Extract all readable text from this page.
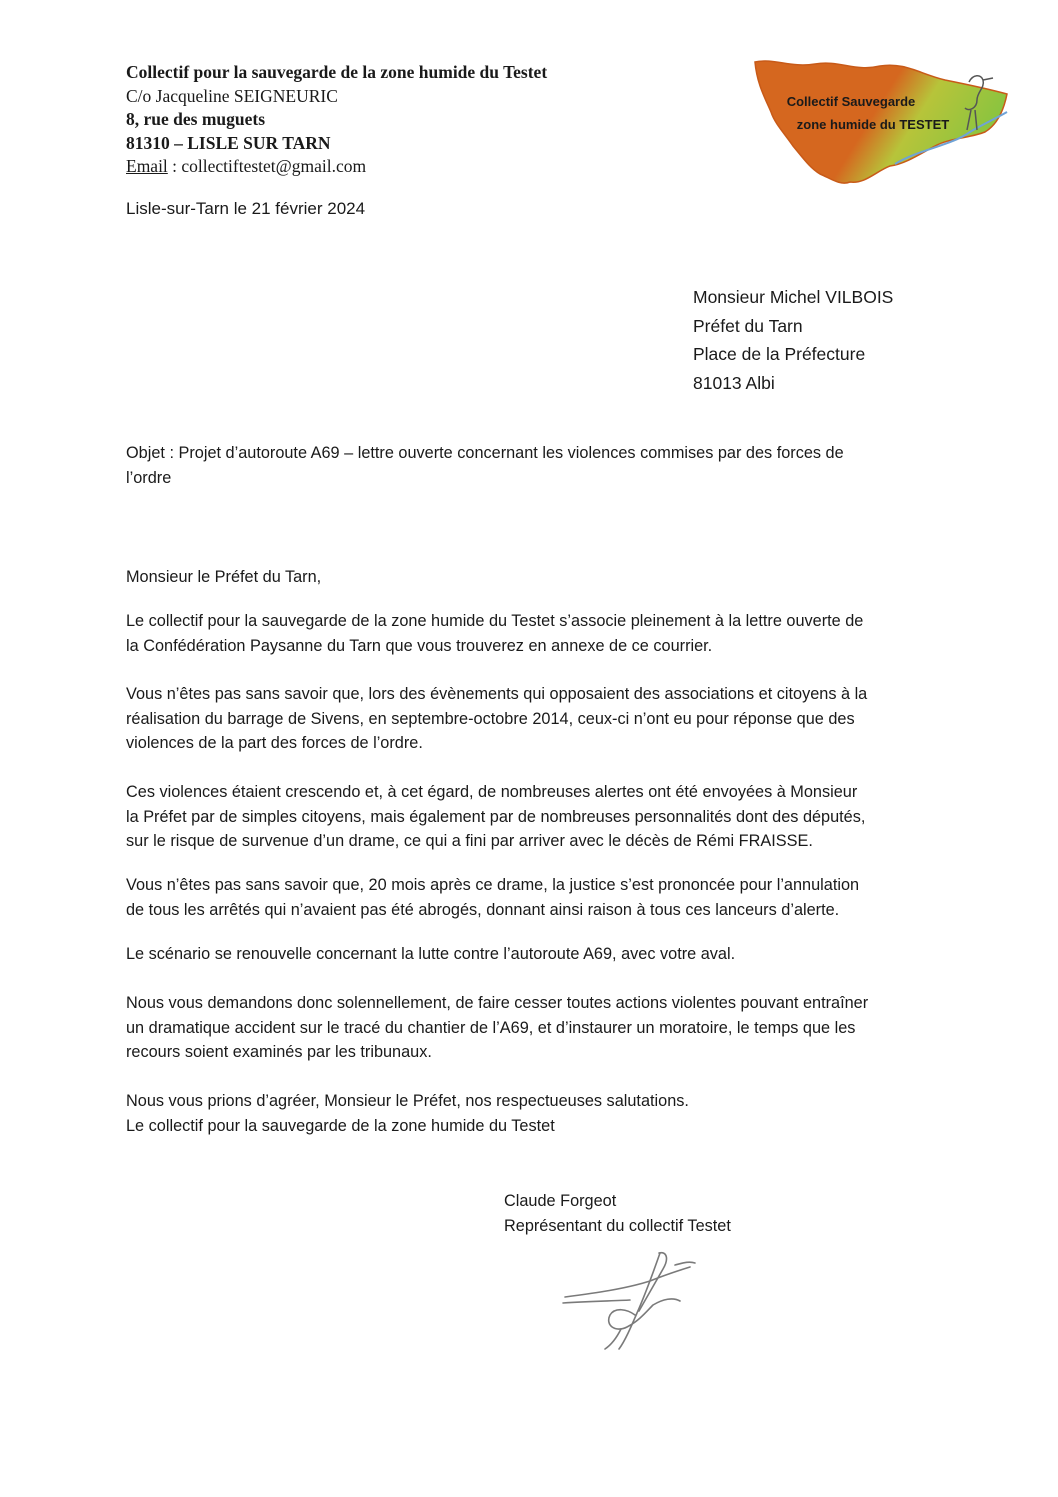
Collectif pour la sauvegarde de la zone humide du Testet
C/o Jacqueline SEIGNEURIC
8, rue des muguets
81310 – LISLE SUR TARN
Email : collectiftestet@gmail.com
Collectif Sauvegarde
zone humide du TESTET
Lisle-sur-Tarn le 21 février 2024
Monsieur Michel VILBOIS
Préfet du Tarn
Place de la Préfecture
81013 Albi
Objet : Projet d’autoroute A69 – lettre ouverte concernant les violences commises par des forces de
l’ordre
Monsieur le Préfet du Tarn,
Le collectif pour la sauvegarde de la zone humide du Testet s’associe pleinement à la lettre ouverte de
la Confédération Paysanne du Tarn que vous trouverez en annexe de ce courrier.
Vous n’êtes pas sans savoir que, lors des évènements qui opposaient des associations et citoyens à la
réalisation du barrage de Sivens, en septembre-octobre 2014, ceux-ci n’ont eu pour réponse que des
violences de la part des forces de l’ordre.
Ces violences étaient crescendo et, à cet égard, de nombreuses alertes ont été envoyées à Monsieur
la Préfet par de simples citoyens, mais également par de nombreuses personnalités dont des députés,
sur le risque de survenue d’un drame, ce qui a fini par arriver avec le décès de Rémi FRAISSE.
Vous n’êtes pas sans savoir que, 20 mois après ce drame, la justice s’est prononcée pour l’annulation
de tous les arrêtés qui n’avaient pas été abrogés, donnant ainsi raison à tous ces lanceurs d’alerte.
Le scénario se renouvelle concernant la lutte contre l’autoroute A69, avec votre aval.
Nous vous demandons donc solennellement, de faire cesser toutes actions violentes pouvant entraîner
un dramatique accident sur le tracé du chantier de l’A69, et d’instaurer un moratoire, le temps que les
recours soient examinés par les tribunaux.
Nous vous prions d’agréer, Monsieur le Préfet, nos respectueuses salutations.
Le collectif pour la sauvegarde de la zone humide du Testet
Claude Forgeot
Représentant du collectif Testet
